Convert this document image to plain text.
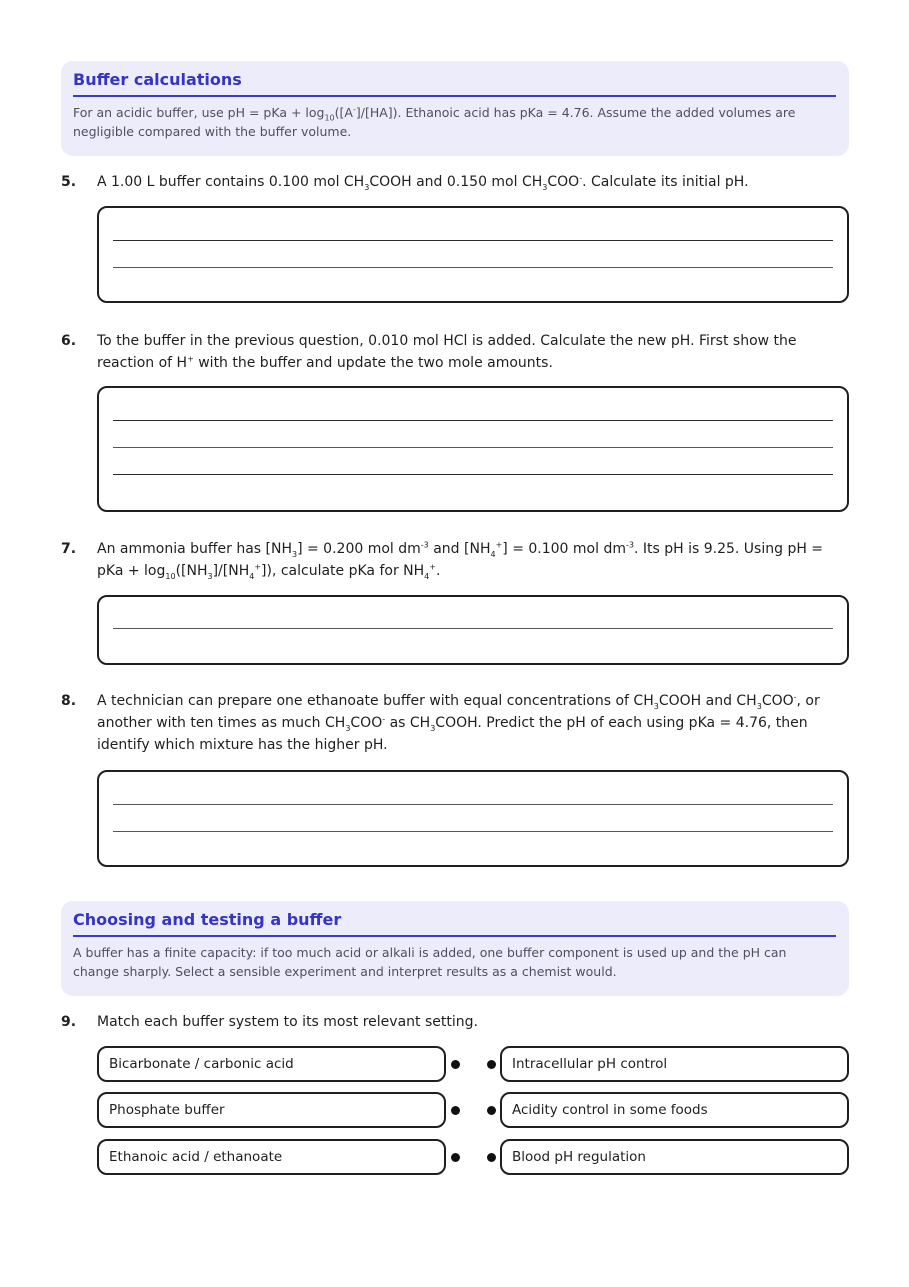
Buffer calculations

For an acidic buffer, use pH = pKa + $\log_{10}([A^-]/[HA])$. Ethanoic acid has pKa = 4.76. Assume the added volumes are negligible compared with the buffer volume.

5.	A 1.00 L buffer contains 0.100 mol $CH_3COOH$ and 0.150 mol $CH_3COO^-$. Calculate its initial pH.
6.	To the buffer in the previous question, 0.010 mol HCl is added. Calculate the new pH. First show the reaction of H+ with the buffer and update the two mole amounts.
7.	An ammonia buffer has $[NH_3] = 0.200$ mol $dm^{-3}$ and $[NH_4^+] = 0.100$ mol $dm^{-3}$. Its pH is 9.25. Using pH = pKa + $\log_{10}([NH_3]/[NH_4^+])$, calculate pKa for $NH_4^+$.
8.	A technician can prepare one ethanoate buffer with equal concentrations of $CH_3COOH$ and $CH_3COO^-$, or another with ten times as much $CH_3COO^-$ as $CH_3COOH$. Predict the pH of each using pKa = 4.76, then identify which mixture has the higher pH.
Choosing and testing a buffer

A buffer has a finite capacity: if too much acid or alkali is added, one buffer component is used up and the pH can change sharply. Select a sensible experiment and interpret results as a chemist would.

9.	Match each buffer system to its most relevant setting.
Bicarbonate / carbonic acid	Intracellular pH control
Phosphate buffer	Acidity control in some foods
Ethanoic acid / ethanoate	Blood pH regulation
